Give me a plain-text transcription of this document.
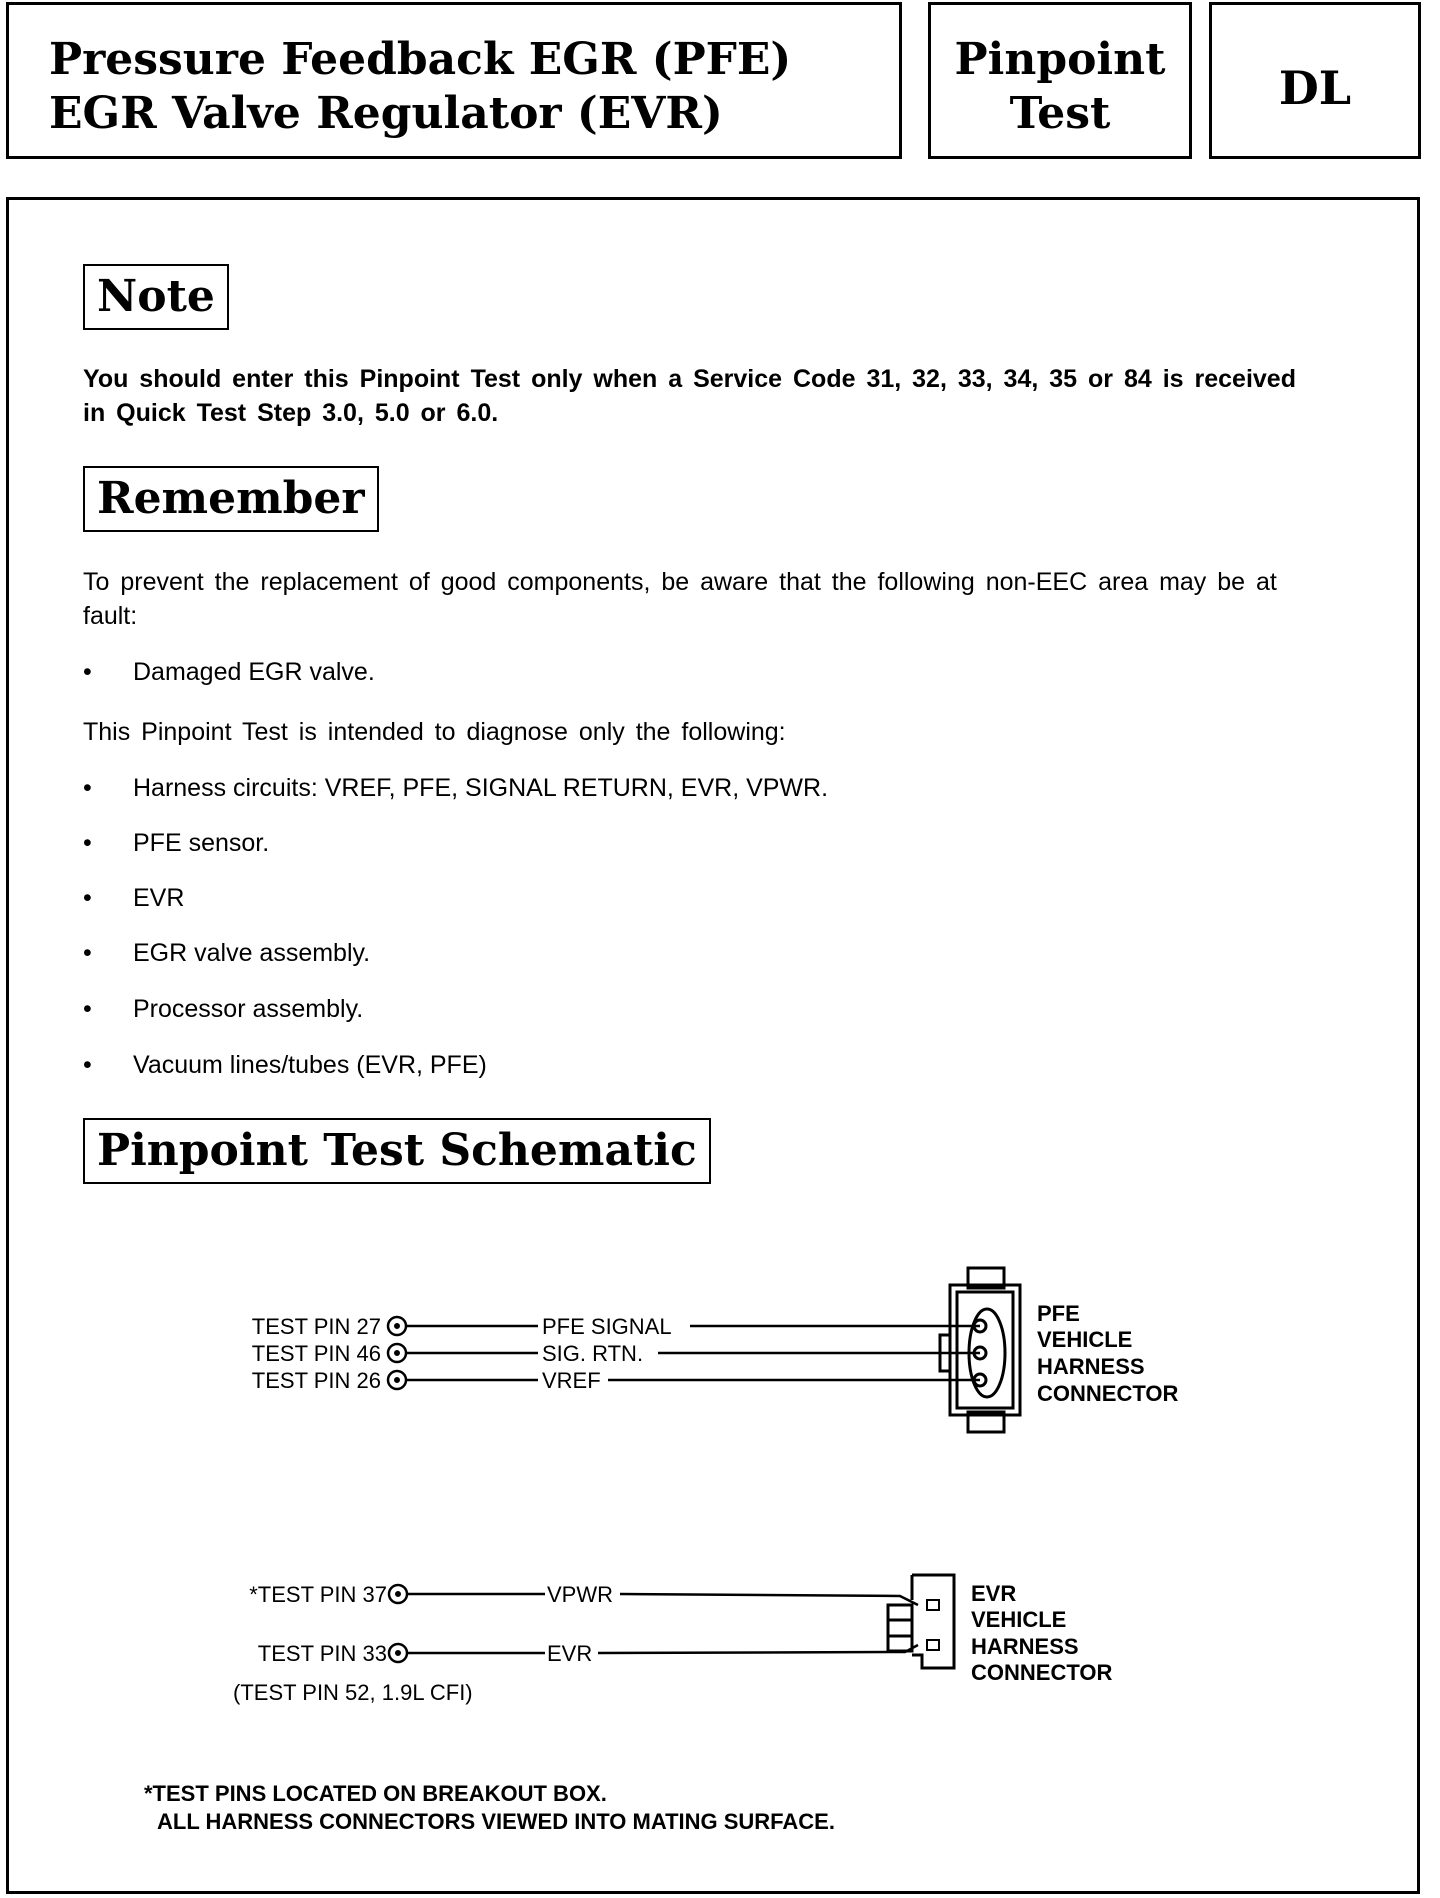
Pressure Feedback EGR (PFE)
EGR Valve Regulator (EVR)
Pinpoint
Test	DL
Note
You should enter this Pinpoint Test only when a Service Code 31, 32, 33, 34, 35 or 84 is received in Quick Test Step 3.0, 5.0 or 6.0.
Remember
To prevent the replacement of good components, be aware that the following non-EEC area may be at fault:
• Damaged EGR valve.
This Pinpoint Test is intended to diagnose only the following:
• Harness circuits: VREF, PFE, SIGNAL RETURN, EVR, VPWR.
• PFE sensor.
• EVR
• EGR valve assembly.
• Processor assembly.
• Vacuum lines/tubes (EVR, PFE)
Pinpoint Test Schematic
TEST PIN 27	PFE SIGNAL
TEST PIN 46	SIG. RTN.
TEST PIN 26	VREF
PFE
VEHICLE
HARNESS
CONNECTOR
*TEST PIN 37	VPWR
TEST PIN 33	EVR
(TEST PIN 52, 1.9L CFI)
EVR
VEHICLE
HARNESS
CONNECTOR
*TEST PINS LOCATED ON BREAKOUT BOX.
ALL HARNESS CONNECTORS VIEWED INTO MATING SURFACE.
